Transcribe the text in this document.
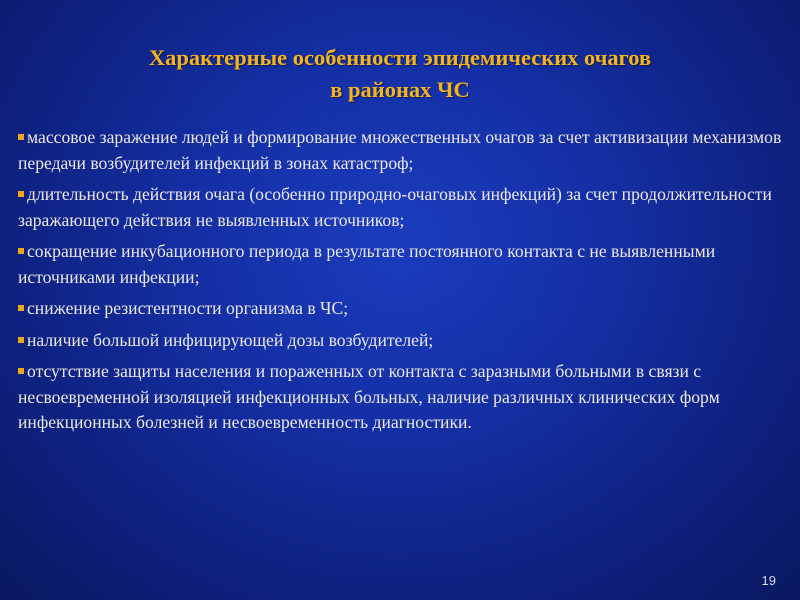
Характерные особенности эпидемических очагов
в районах ЧС
массовое заражение людей и формирование множественных очагов за счет активизации механизмов передачи возбудителей инфекций в зонах катастроф;
длительность действия очага (особенно природно-очаговых инфекций) за счет продолжительности заражающего действия не выявленных источников;
сокращение инкубационного периода в результате постоянного контакта с не выявленными источниками инфекции;
снижение резистентности организма в ЧС;
наличие большой инфицирующей дозы возбудителей;
отсутствие защиты населения и пораженных от контакта с заразными больными в связи с несвоевременной изоляцией инфекционных больных, наличие различных клинических форм инфекционных болезней и несвоевременность диагностики.
19
